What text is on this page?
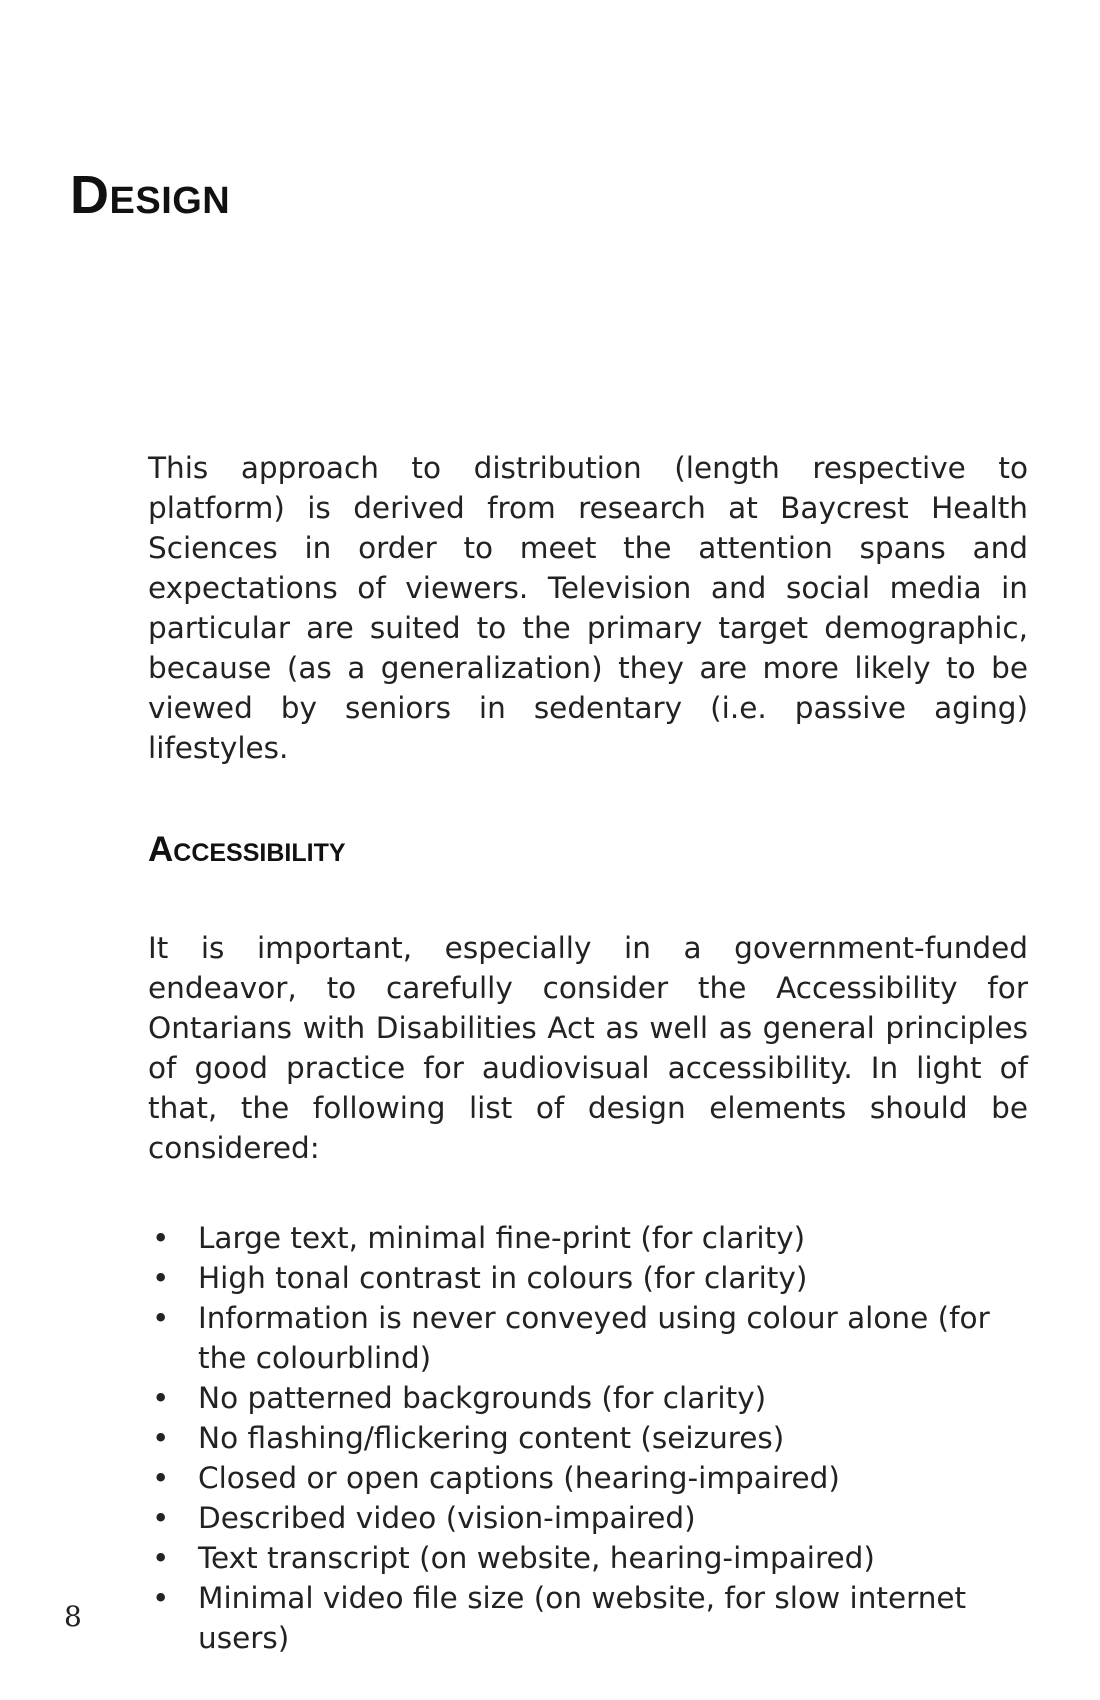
Design

This approach to distribution (length respective to platform) is derived from research at Baycrest Health Sciences in order to meet the attention spans and expectations of viewers. Television and social media in particular are suited to the primary target demographic, because (as a generalization) they are more likely to be viewed by seniors in sedentary (i.e. passive aging) lifestyles.

Accessibility

It is important, especially in a government-funded endeavor, to carefully consider the Accessibility for Ontarians with Disabilities Act as well as general principles of good practice for audiovisual accessibility. In light of that, the following list of design elements should be considered:

• Large text, minimal fine-print (for clarity)
• High tonal contrast in colours (for clarity)
• Information is never conveyed using colour alone (for the colourblind)
• No patterned backgrounds (for clarity)
• No flashing/flickering content (seizures)
• Closed or open captions (hearing-impaired)
• Described video (vision-impaired)
• Text transcript (on website, hearing-impaired)
• Minimal video file size (on website, for slow internet users)
8
